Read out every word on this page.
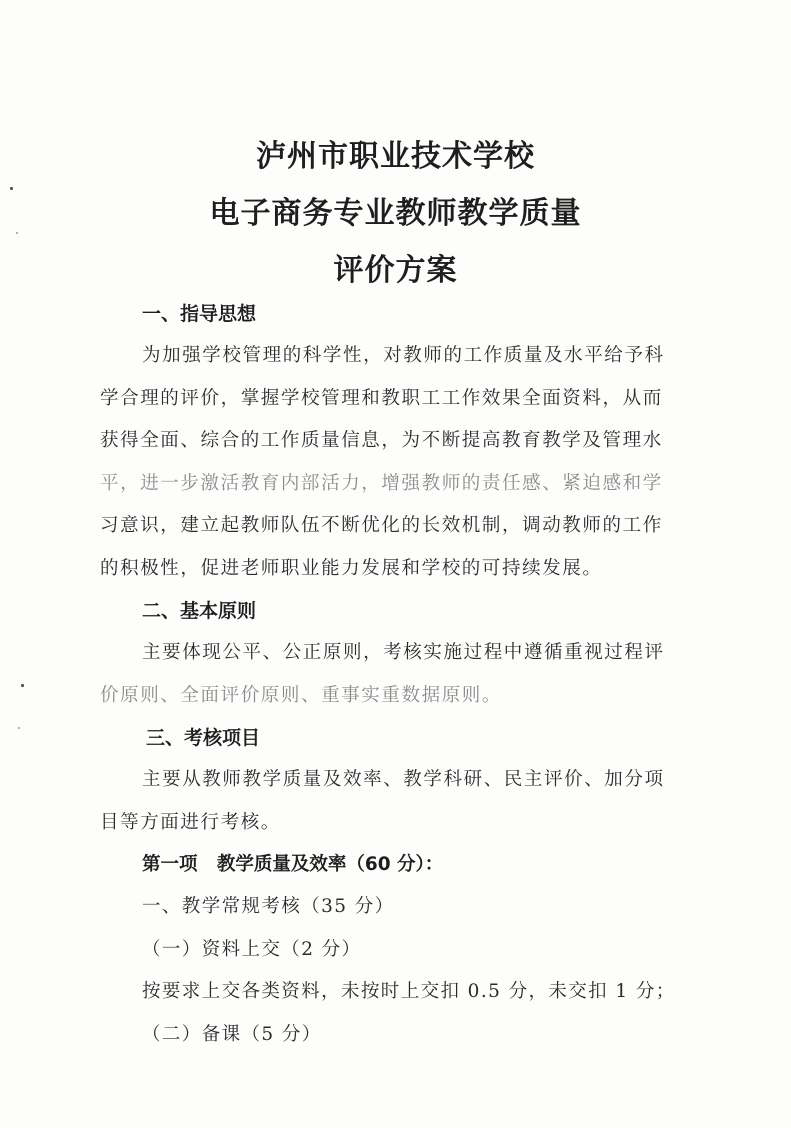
泸州市职业技术学校
电子商务专业教师教学质量
评价方案
一、指导思想
为加强学校管理的科学性，对教师的工作质量及水平给予科
学合理的评价，掌握学校管理和教职工工作效果全面资料，从而
获得全面、综合的工作质量信息，为不断提高教育教学及管理水
平，进一步激活教育内部活力，增强教师的责任感、紧迫感和学
习意识，建立起教师队伍不断优化的长效机制，调动教师的工作
的积极性，促进老师职业能力发展和学校的可持续发展。
二、基本原则
主要体现公平、公正原则，考核实施过程中遵循重视过程评
价原则、全面评价原则、重事实重数据原则。
三、考核项目
主要从教师教学质量及效率、教学科研、民主评价、加分项
目等方面进行考核。
第一项   教学质量及效率（60 分）：
一、教学常规考核（35 分）
（一）资料上交（2 分）
按要求上交各类资料，未按时上交扣 0.5 分，未交扣 1 分；
（二）备课（5 分）
